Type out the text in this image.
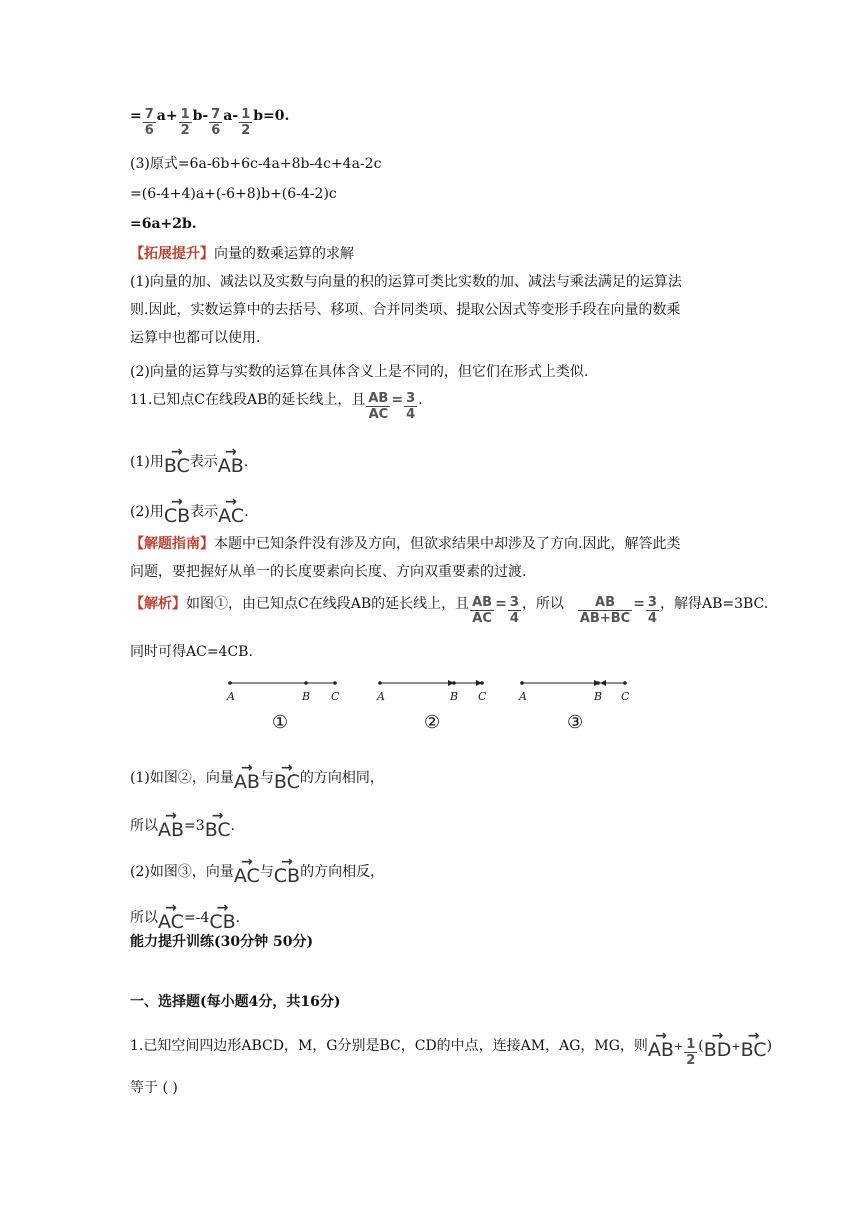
= $\frac{7}{6} a+ \frac{1}{2} b- \frac{7}{6} a- \frac{1}{2} b=0$.
(3)原式=6a-6b+6c-4a+8b-4c+4a-2c
=(6-4+4)a+(-6+8)b+(6-4-2)c
=6a+2b.
【拓展提升】向量的数乘运算的求解
(1)向量的加、减法以及实数与向量的积的运算可类比实数的加、减法与乘法满足的运算法
则.因此，实数运算中的去括号、移项、合并同类项、提取公因式等变形手段在向量的数乘
运算中也都可以使用.
(2)向量的运算与实数的运算在具体含义上是不同的，但它们在形式上类似.
11.已知点C在线段AB的延长线上，且 $\frac{AB}{AC} = \frac{3}{4}$ .
(1)用→ BC表示→ AB.
(2)用→ CB表示→ AC.
【解题指南】本题中已知条件没有涉及方向，但欲求结果中却涉及了方向.因此，解答此类
问题，要把握好从单一的长度要素向长度、方向双重要素的过渡.
【解析】如图①，由已知点C在线段AB的延长线上，且 $\frac{AB}{AC} = \frac{3}{4}$ ，所以 $\frac{AB}{AB+BC} = \frac{3}{4}$ ，解得AB=3BC.
同时可得AC=4CB.
A	B C	A	B C	A	B C
①	②	③
(1)如图②，向量→ AB与→ BC的方向相同，
所以→ AB=3→ BC.
(2)如图③，向量→ AC与→ CB的方向相反，
所以→ AC=-4→ CB.
能力提升训练(30分钟 50分)
一、选择题(每小题4分，共16分)
1.已知空间四边形ABCD，M，G分别是BC，CD的中点，连接AM，AG，MG，则→ $AB+ \frac{1}{2}$ (→ BD+→ BC)
等于 ( )
